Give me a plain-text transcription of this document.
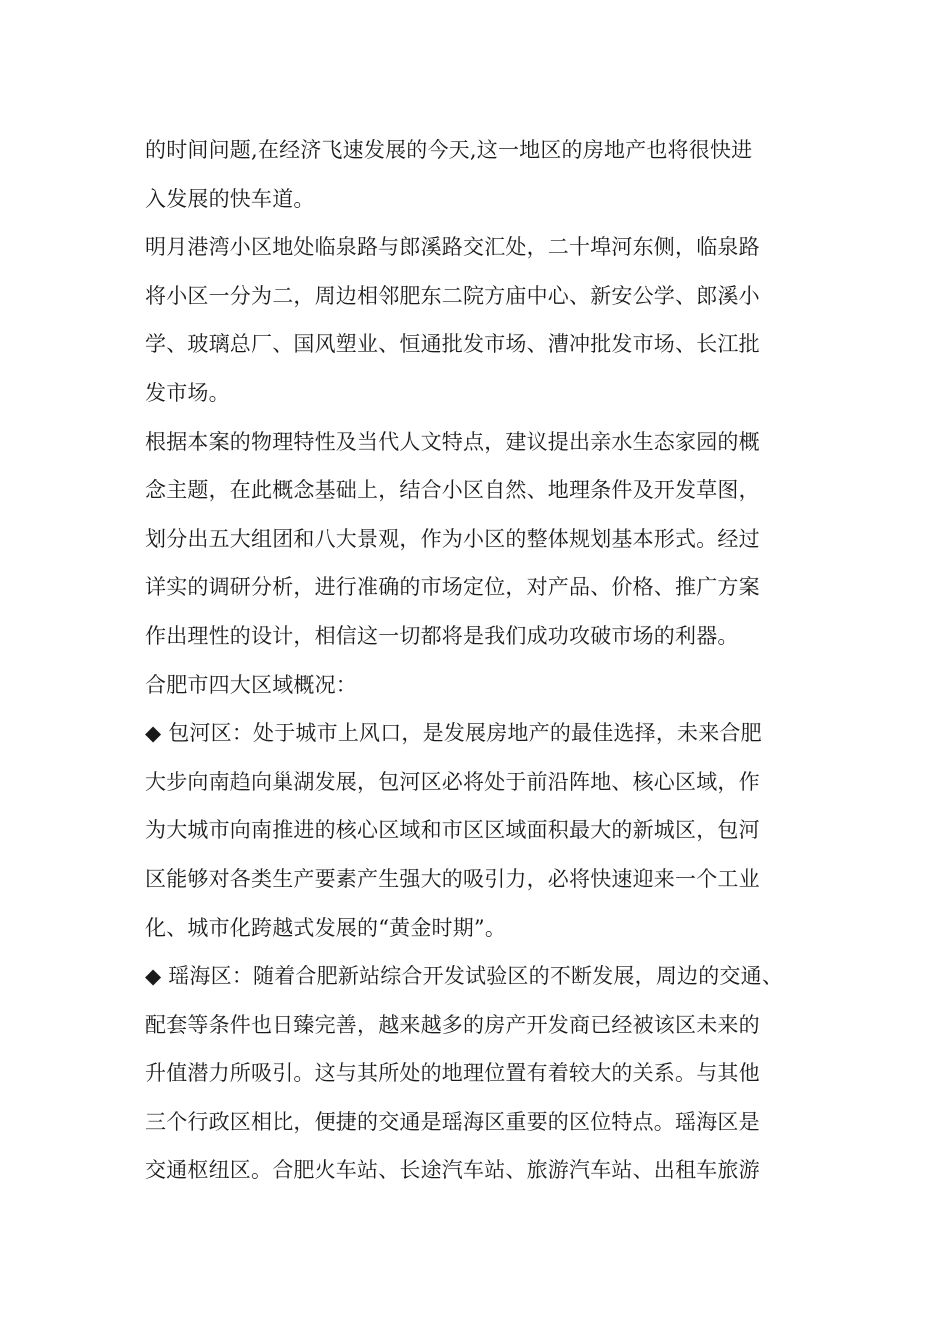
的时间问题,在经济飞速发展的今天,这一地区的房地产也将很快进
入发展的快车道。
明月港湾小区地处临泉路与郎溪路交汇处，二十埠河东侧，临泉路
将小区一分为二，周边相邻肥东二院方庙中心、新安公学、郎溪小
学、玻璃总厂、国风塑业、恒通批发市场、漕冲批发市场、长江批
发市场。
根据本案的物理特性及当代人文特点，建议提出亲水生态家园的概
念主题，在此概念基础上，结合小区自然、地理条件及开发草图，
划分出五大组团和八大景观，作为小区的整体规划基本形式。经过
详实的调研分析，进行准确的市场定位，对产品、价格、推广方案
作出理性的设计，相信这一切都将是我们成功攻破市场的利器。
合肥市四大区域概况：
◆ 包河区：处于城市上风口，是发展房地产的最佳选择，未来合肥
大步向南趋向巢湖发展，包河区必将处于前沿阵地、核心区域，作
为大城市向南推进的核心区域和市区区域面积最大的新城区，包河
区能够对各类生产要素产生强大的吸引力，必将快速迎来一个工业
化、城市化跨越式发展的“黄金时期”。
◆ 瑶海区：随着合肥新站综合开发试验区的不断发展，周边的交通、
配套等条件也日臻完善，越来越多的房产开发商已经被该区未来的
升值潜力所吸引。这与其所处的地理位置有着较大的关系。与其他
三个行政区相比，便捷的交通是瑶海区重要的区位特点。瑶海区是
交通枢纽区。合肥火车站、长途汽车站、旅游汽车站、出租车旅游
